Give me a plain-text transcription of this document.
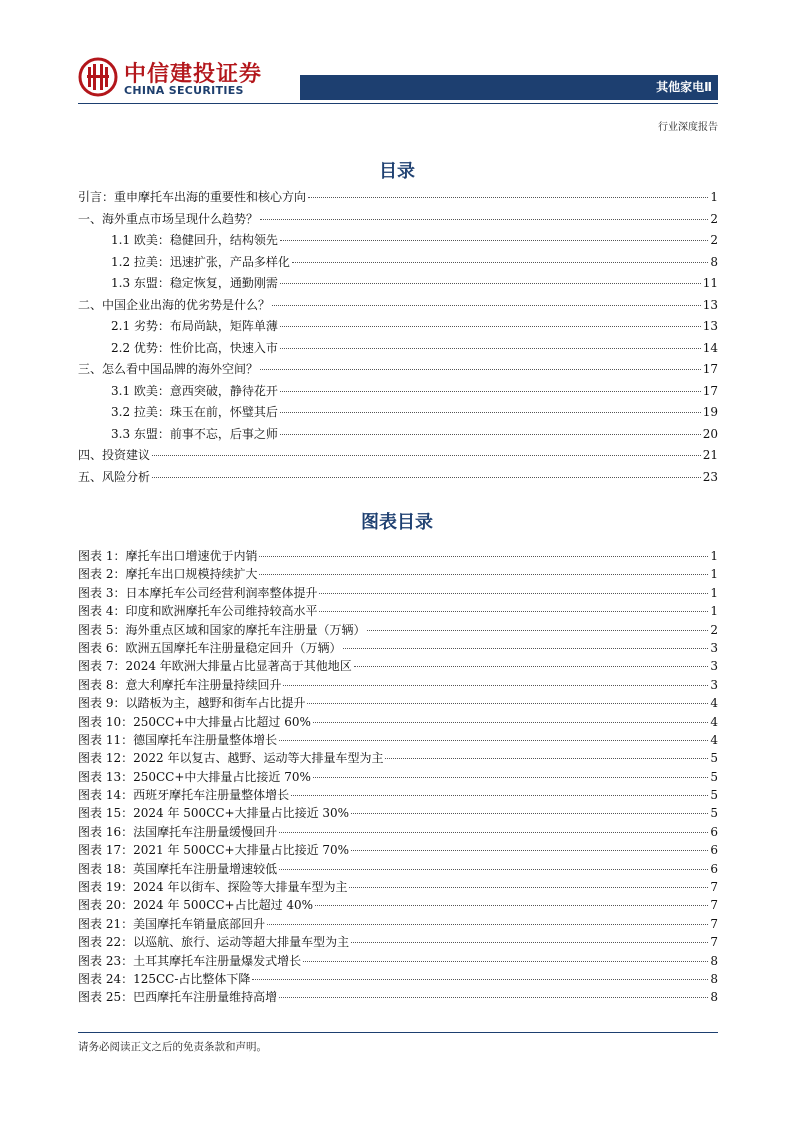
中信建投证券
CHINA SECURITIES	其他家电Ⅱ
行业深度报告
目录
引言：重申摩托车出海的重要性和核心方向	1
一、海外重点市场呈现什么趋势？	2
1.1 欧美：稳健回升，结构领先	2
1.2 拉美：迅速扩张，产品多样化	8
1.3 东盟：稳定恢复，通勤刚需	11
二、中国企业出海的优劣势是什么？	13
2.1 劣势：布局尚缺，矩阵单薄	13
2.2 优势：性价比高，快速入市	14
三、怎么看中国品牌的海外空间？	17
3.1 欧美：意西突破，静待花开	17
3.2 拉美：珠玉在前，怀璧其后	19
3.3 东盟：前事不忘，后事之师	20
四、投资建议	21
五、风险分析	23
图表目录
图表 1：摩托车出口增速优于内销	1
图表 2：摩托车出口规模持续扩大	1
图表 3：日本摩托车公司经营利润率整体提升	1
图表 4：印度和欧洲摩托车公司维持较高水平	1
图表 5：海外重点区域和国家的摩托车注册量（万辆）	2
图表 6：欧洲五国摩托车注册量稳定回升（万辆）	3
图表 7：2024 年欧洲大排量占比显著高于其他地区	3
图表 8：意大利摩托车注册量持续回升	3
图表 9：以踏板为主，越野和街车占比提升	4
图表 10：250CC+中大排量占比超过 60%	4
图表 11：德国摩托车注册量整体增长	4
图表 12：2022 年以复古、越野、运动等大排量车型为主	5
图表 13：250CC+中大排量占比接近 70%	5
图表 14：西班牙摩托车注册量整体增长	5
图表 15：2024 年 500CC+大排量占比接近 30%	5
图表 16：法国摩托车注册量缓慢回升	6
图表 17：2021 年 500CC+大排量占比接近 70%	6
图表 18：英国摩托车注册量增速较低	6
图表 19：2024 年以街车、探险等大排量车型为主	7
图表 20：2024 年 500CC+占比超过 40%	7
图表 21：美国摩托车销量底部回升	7
图表 22：以巡航、旅行、运动等超大排量车型为主	7
图表 23：土耳其摩托车注册量爆发式增长	8
图表 24：125CC-占比整体下降	8
图表 25：巴西摩托车注册量维持高增	8
请务必阅读正文之后的免责条款和声明。
